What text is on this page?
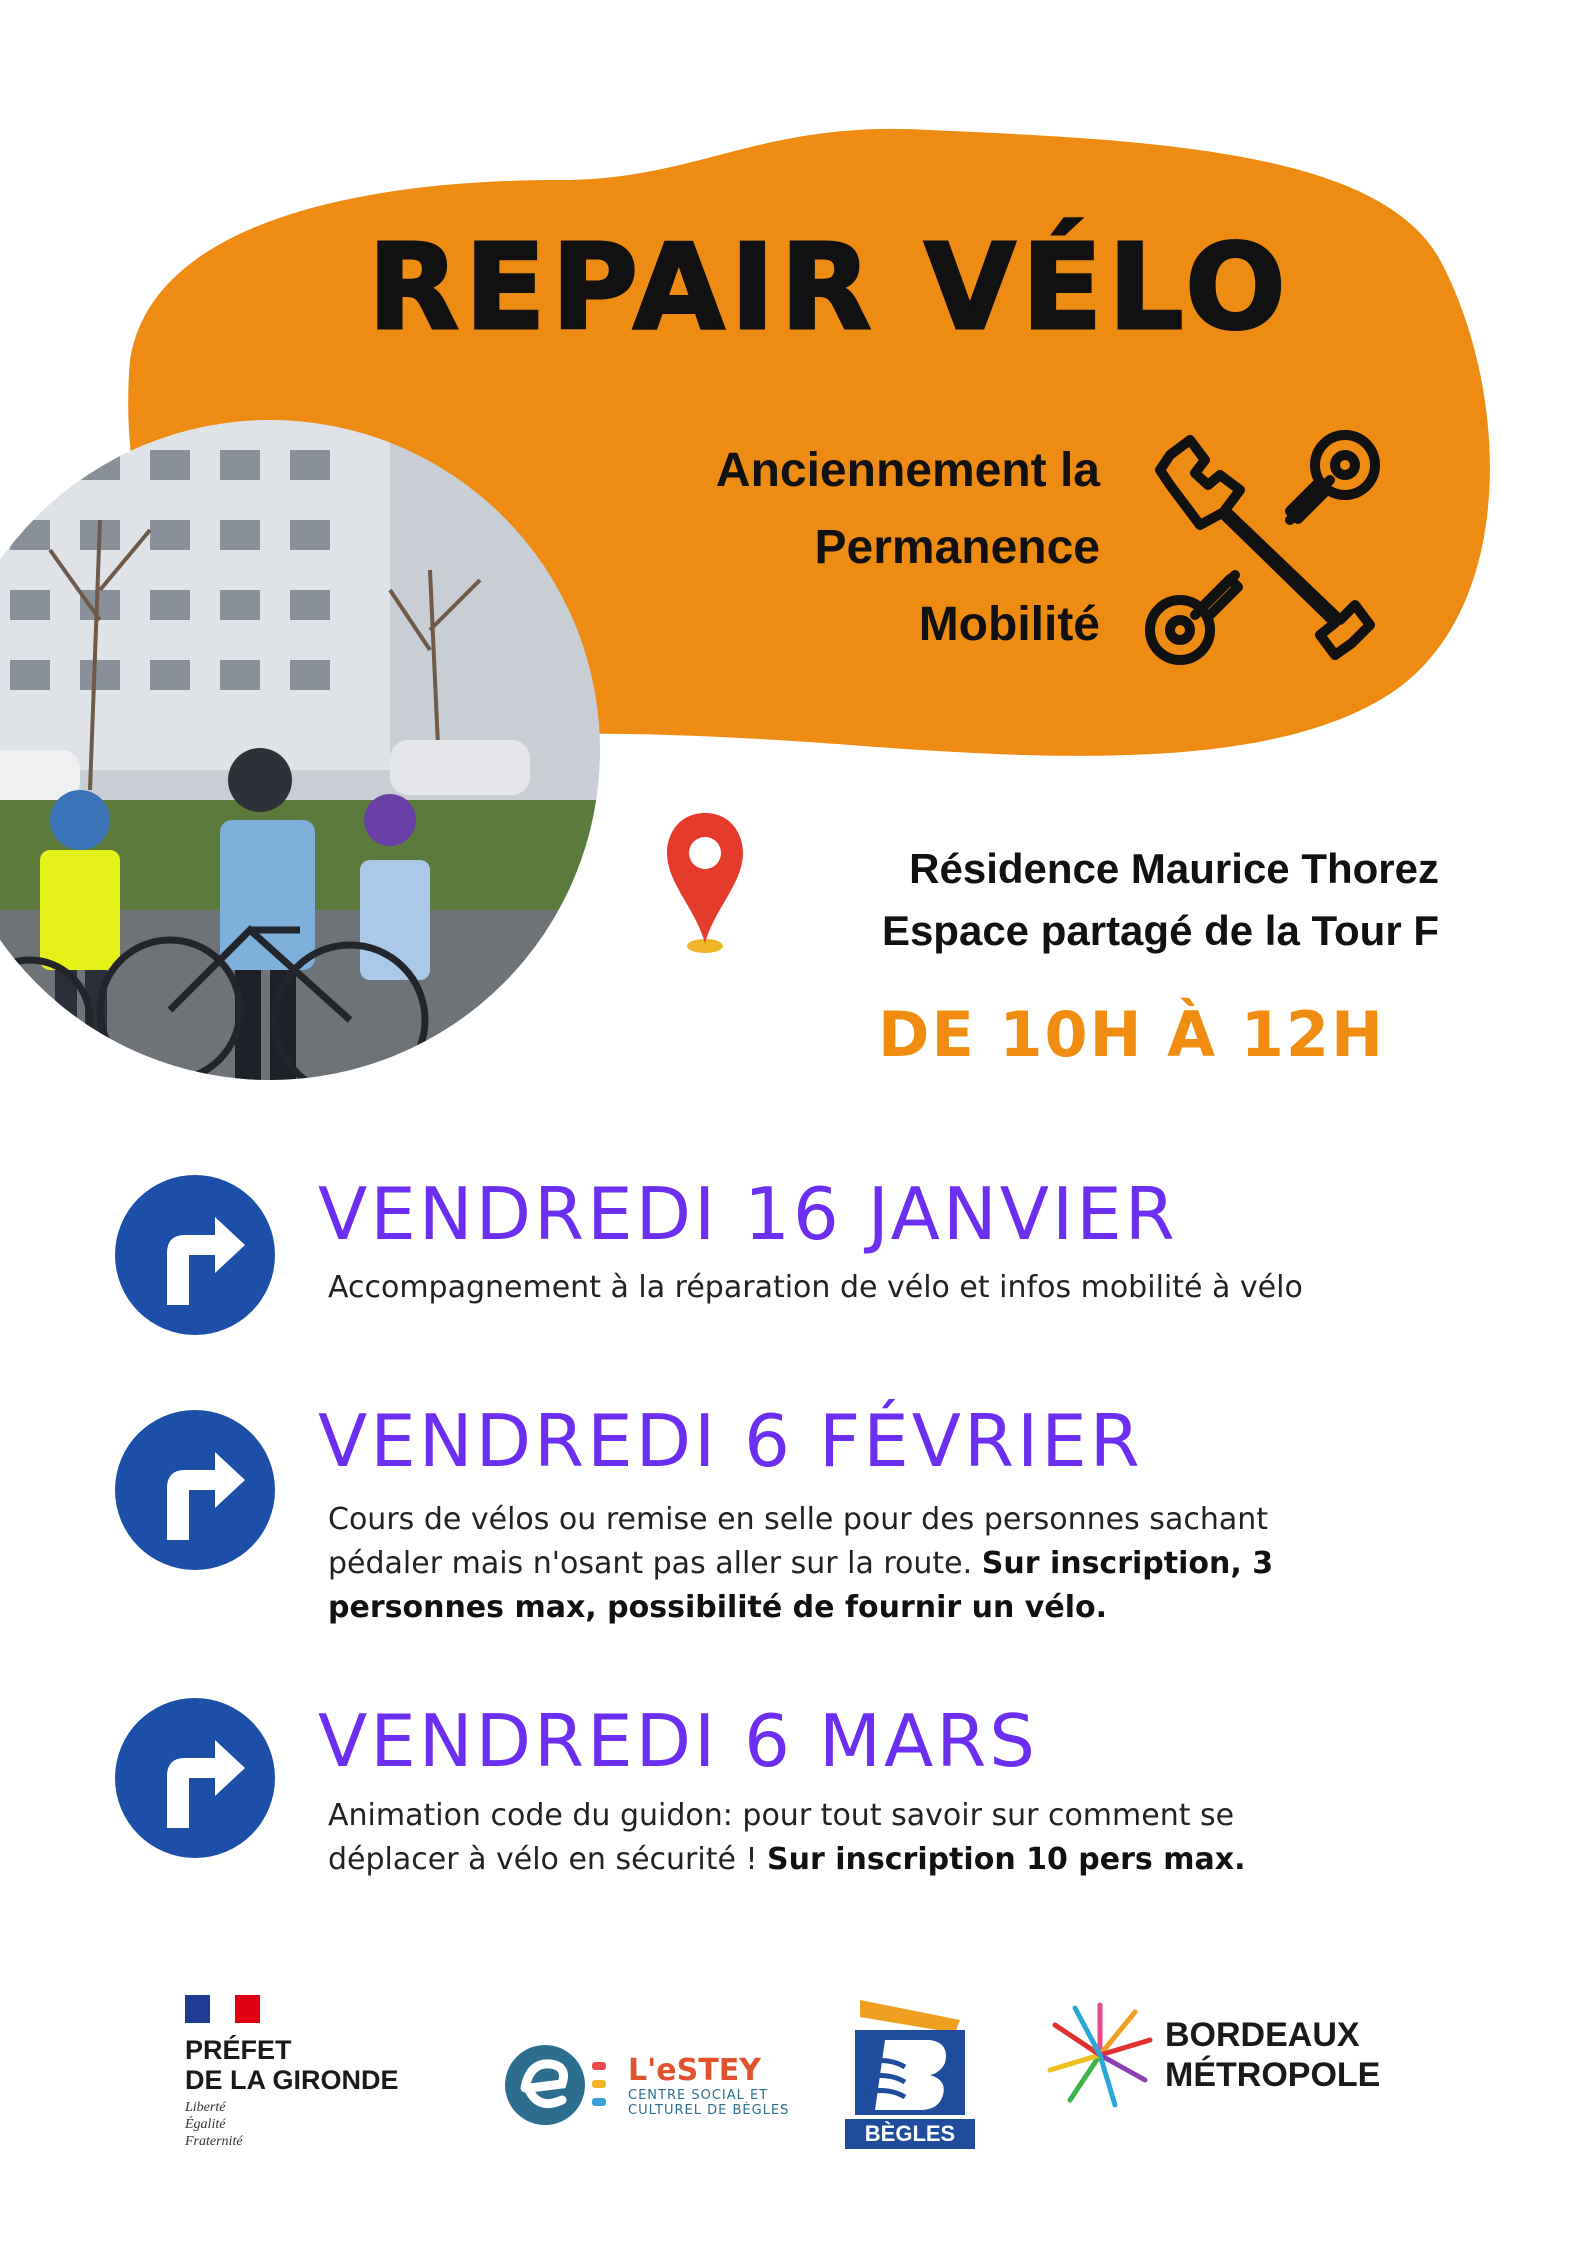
REPAIR VÉLO
Anciennement la
Permanence
Mobilité
Résidence Maurice Thorez
Espace partagé de la Tour F
DE 10H À 12H
VENDREDI 16 JANVIER
Accompagnement à la réparation de vélo et infos mobilité à vélo
VENDREDI 6 FÉVRIER
Cours de vélos ou remise en selle pour des personnes sachant pédaler mais n'osant pas aller sur la route. Sur inscription, 3 personnes max, possibilité de fournir un vélo.
VENDREDI 6 MARS
Animation code du guidon: pour tout savoir sur comment se déplacer à vélo en sécurité ! Sur inscription 10 pers max.
PRÉFET
DE LA GIRONDE
Liberté
Égalité
Fraternité
L'eSTEY
CENTRE SOCIAL ET
CULTUREL DE BÈGLES
BÈGLES
BORDEAUX
MÉTROPOLE
